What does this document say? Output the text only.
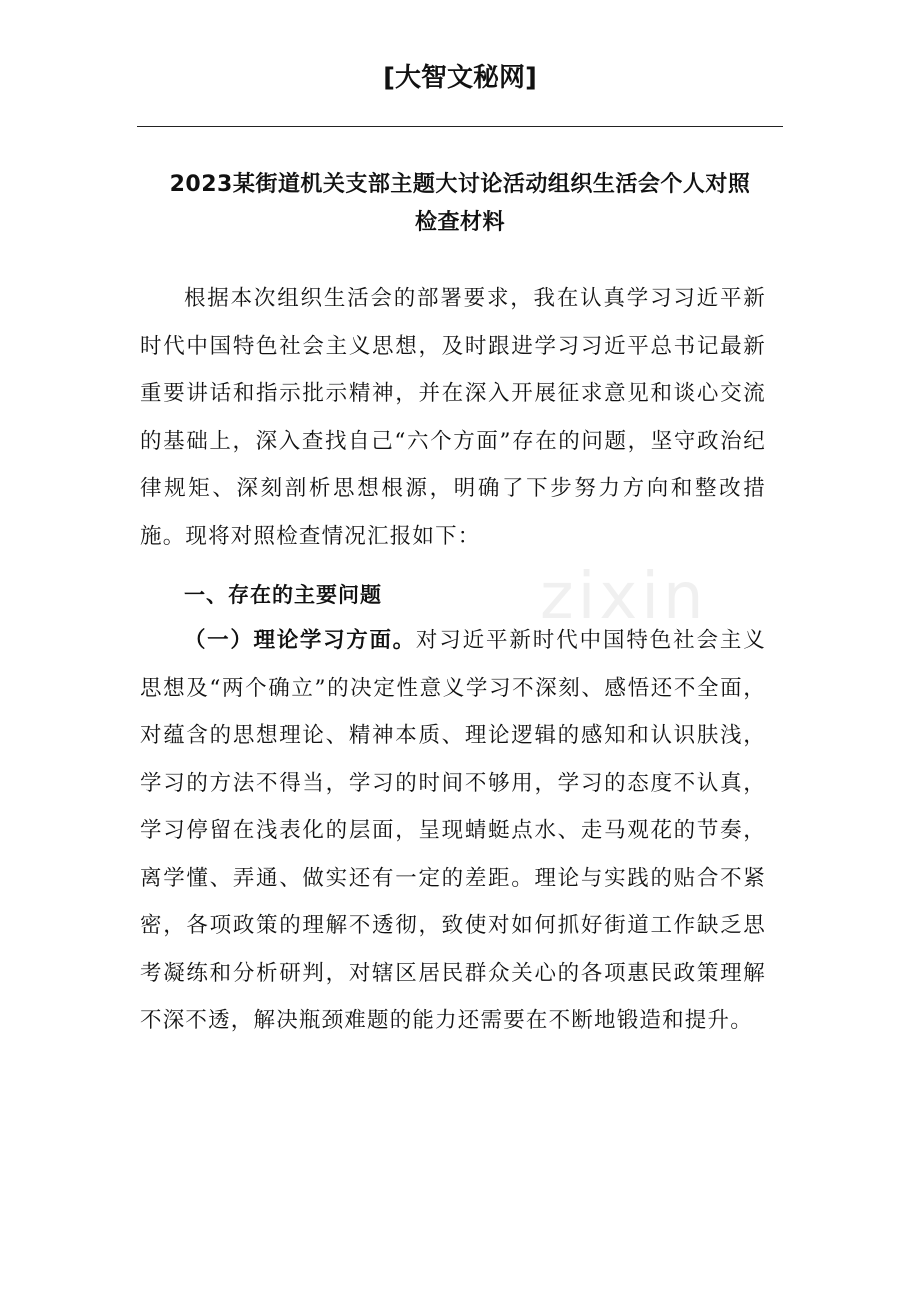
[大智文秘网]
2023某街道机关支部主题大讨论活动组织生活会个人对照
检查材料
根据本次组织生活会的部署要求，我在认真学习习近平新时代中国特色社会主义思想，及时跟进学习习近平总书记最新重要讲话和指示批示精神，并在深入开展征求意见和谈心交流的基础上，深入查找自己“六个方面”存在的问题，坚守政治纪律规矩、深刻剖析思想根源，明确了下步努力方向和整改措施。现将对照检查情况汇报如下：
一、存在的主要问题
（一）理论学习方面。对习近平新时代中国特色社会主义思想及“两个确立”的决定性意义学习不深刻、感悟还不全面，对蕴含的思想理论、精神本质、理论逻辑的感知和认识肤浅，学习的方法不得当，学习的时间不够用，学习的态度不认真，学习停留在浅表化的层面，呈现蜻蜓点水、走马观花的节奏，离学懂、弄通、做实还有一定的差距。理论与实践的贴合不紧密，各项政策的理解不透彻，致使对如何抓好街道工作缺乏思考凝练和分析研判，对辖区居民群众关心的各项惠民政策理解不深不透，解决瓶颈难题的能力还需要在不断地锻造和提升。
zixin
